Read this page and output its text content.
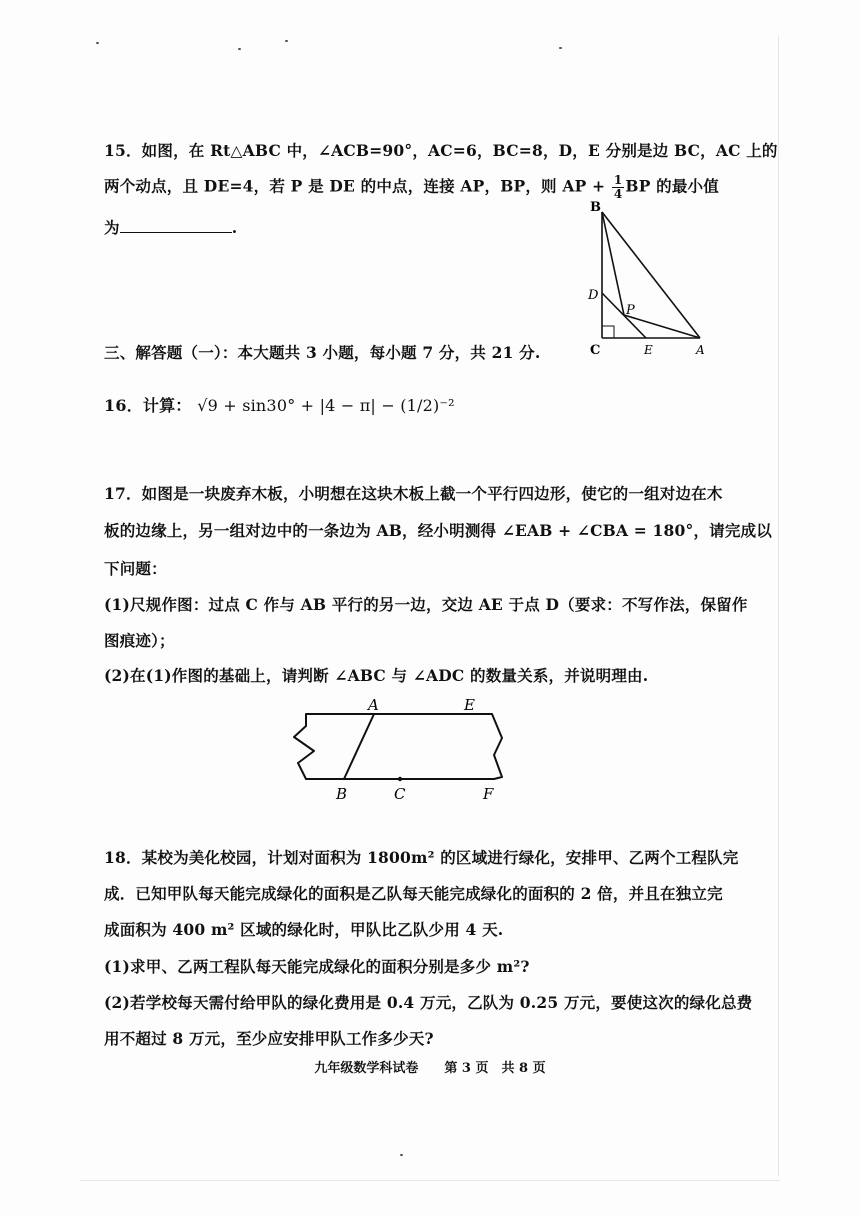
15．如图，在 Rt△ABC 中，∠ACB=90°，AC=6，BC=8，D，E 分别是边 BC，AC 上的
两个动点，且 DE=4，若 P 是 DE 的中点，连接 AP，BP，则 AP + $\frac{1}{4}$ BP 的最小值
为	.
B
D
P
C	E	A
三、解答题（一）：本大题共 3 小题，每小题 7 分，共 21 分.
16．计算： √9 + sin30° + |4 − π| − (1/2)⁻²
17．如图是一块废弃木板，小明想在这块木板上截一个平行四边形，使它的一组对边在木
板的边缘上，另一组对边中的一条边为 AB，经小明测得 ∠EAB + ∠CBA = 180°，请完成以
下问题：
(1)尺规作图：过点 C 作与 AB 平行的另一边，交边 AE 于点 D（要求：不写作法，保留作
图痕迹）；
(2)在(1)作图的基础上，请判断 ∠ABC 与 ∠ADC 的数量关系，并说明理由.
A	E
B	C	F
18．某校为美化校园，计划对面积为 1800m² 的区域进行绿化，安排甲、乙两个工程队完
成．已知甲队每天能完成绿化的面积是乙队每天能完成绿化的面积的 2 倍，并且在独立完
成面积为 400 m² 区域的绿化时，甲队比乙队少用 4 天.
(1)求甲、乙两工程队每天能完成绿化的面积分别是多少 m²?
(2)若学校每天需付给甲队的绿化费用是 0.4 万元，乙队为 0.25 万元，要使这次的绿化总费
用不超过 8 万元，至少应安排甲队工作多少天?
九年级数学科试卷　　第 3 页　共 8 页
